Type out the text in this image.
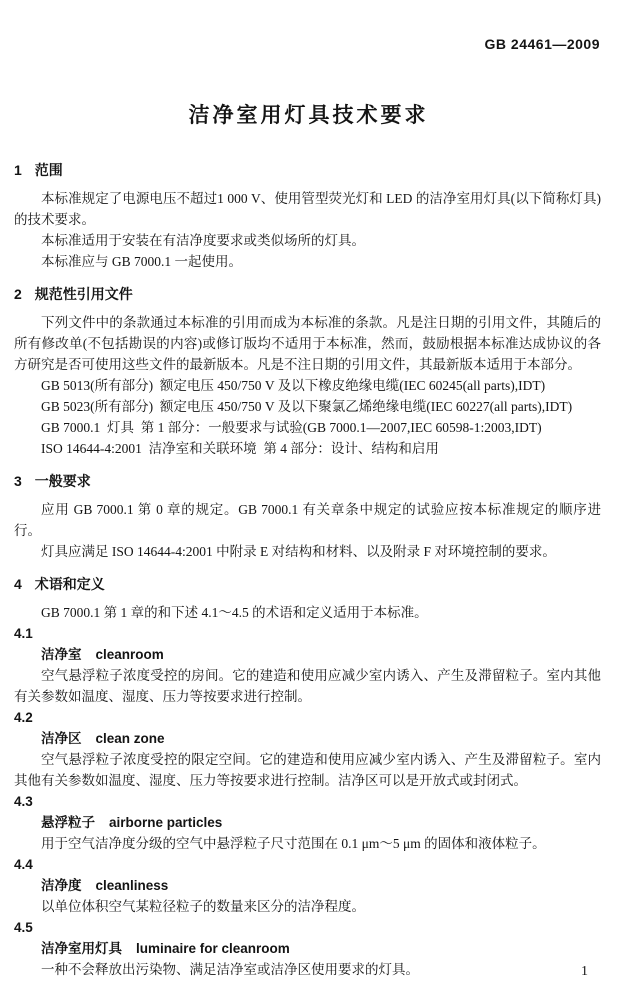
GB 24461—2009
洁净室用灯具技术要求
1 范围

本标准规定了电源电压不超过1 000 V、使用管型荧光灯和 LED 的洁净室用灯具(以下简称灯具)的技术要求。

本标准适用于安装在有洁净度要求或类似场所的灯具。

本标准应与 GB 7000.1 一起使用。

2 规范性引用文件

下列文件中的条款通过本标准的引用而成为本标准的条款。凡是注日期的引用文件，其随后的所有修改单(不包括勘误的内容)或修订版均不适用于本标准，然而，鼓励根据本标准达成协议的各方研究是否可使用这些文件的最新版本。凡是不注日期的引用文件，其最新版本适用于本部分。

GB 5013(所有部分)  额定电压 450/750 V 及以下橡皮绝缘电缆(IEC 60245(all parts),IDT)

GB 5023(所有部分)  额定电压 450/750 V 及以下聚氯乙烯绝缘电缆(IEC 60227(all parts),IDT)

GB 7000.1  灯具  第 1 部分：一般要求与试验(GB 7000.1—2007,IEC 60598-1:2003,IDT)

ISO 14644-4:2001  洁净室和关联环境  第 4 部分：设计、结构和启用

3 一般要求

应用 GB 7000.1 第 0 章的规定。GB 7000.1 有关章条中规定的试验应按本标准规定的顺序进行。

灯具应满足 ISO 14644-4:2001 中附录 E 对结构和材料、以及附录 F 对环境控制的要求。

4 术语和定义

GB 7000.1 第 1 章的和下述 4.1～4.5 的术语和定义适用于本标准。

4.1
洁净室 cleanroom

空气悬浮粒子浓度受控的房间。它的建造和使用应减少室内诱入、产生及滞留粒子。室内其他有关参数如温度、湿度、压力等按要求进行控制。

4.2
洁净区 clean zone

空气悬浮粒子浓度受控的限定空间。它的建造和使用应减少室内诱入、产生及滞留粒子。室内其他有关参数如温度、湿度、压力等按要求进行控制。洁净区可以是开放式或封闭式。

4.3
悬浮粒子 airborne particles

用于空气洁净度分级的空气中悬浮粒子尺寸范围在 0.1 μm～5 μm 的固体和液体粒子。

4.4
洁净度 cleanliness

以单位体积空气某粒径粒子的数量来区分的洁净程度。

4.5
洁净室用灯具 luminaire for cleanroom

一种不会释放出污染物、满足洁净室或洁净区使用要求的灯具。	1
